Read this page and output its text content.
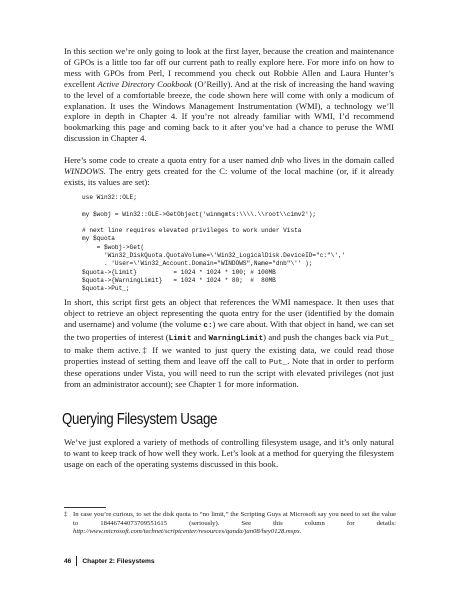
In this section we’re only going to look at the first layer, because the creation and maintenance of GPOs is a little too far off our current path to really explore here. For more info on how to mess with GPOs from Perl, I recommend you check out Robbie Allen and Laura Hunter’s excellent Active Directory Cookbook (O’Reilly). And at the risk of increasing the hand waving to the level of a comfortable breeze, the code shown here will come with only a modicum of explanation. It uses the Windows Management Instrumentation (WMI), a technology we’ll explore in depth in Chapter 4. If you’re not already familiar with WMI, I’d recommend bookmarking this page and coming back to it after you’ve had a chance to peruse the WMI discussion in Chapter 4.

Here’s some code to create a quota entry for a user named dnb who lives in the domain called WINDOWS. The entry gets created for the C: volume of the local machine (or, if it already exists, its values are set):

use Win32::OLE;

my $wobj = Win32::OLE->GetObject('winmgmts:\\\\.\\root\\cimv2');

# next line requires elevated privileges to work under Vista
my $quota
= $wobj->Get(
'Win32_DiskQuota.QuotaVolume=\'Win32_LogicalDisk.DeviceID="c:"\','
. 'User=\'Win32_Account.Domain="WINDOWS",Name="dnb"\'' );
$quota->{Limit}          = 1024 * 1024 * 100; # 100MB
$quota->{WarningLimit}   = 1024 * 1024 * 80;  #  80MB
$quota->Put_;

In short, this script first gets an object that references the WMI namespace. It then uses that object to retrieve an object representing the quota entry for the user (identified by the domain and username) and volume (the volume c:) we care about. With that object in hand, we can set the two properties of interest (Limit and WarningLimit) and push the changes back via Put_ to make them active.‡ If we wanted to just query the existing data, we could read those properties instead of setting them and leave off the call to Put_. Note that in order to perform these operations under Vista, you will need to run the script with elevated privileges (not just from an administrator account); see Chapter 1 for more information.

Querying Filesystem Usage

We’ve just explored a variety of methods of controlling filesystem usage, and it’s only natural to want to keep track of how well they work. Let’s look at a method for querying the filesystem usage on each of the operating systems discussed in this book.

‡ In case you’re curious, to set the disk quota to “no limit,” the Scripting Guys at Microsoft say you need to set the value to 18446744073709551615 (seriously). See this column for details: http://www.microsoft.com/technet/scriptcenter/resources/qanda/jan08/hey0128.mspx.

46 Chapter 2: Filesystems
